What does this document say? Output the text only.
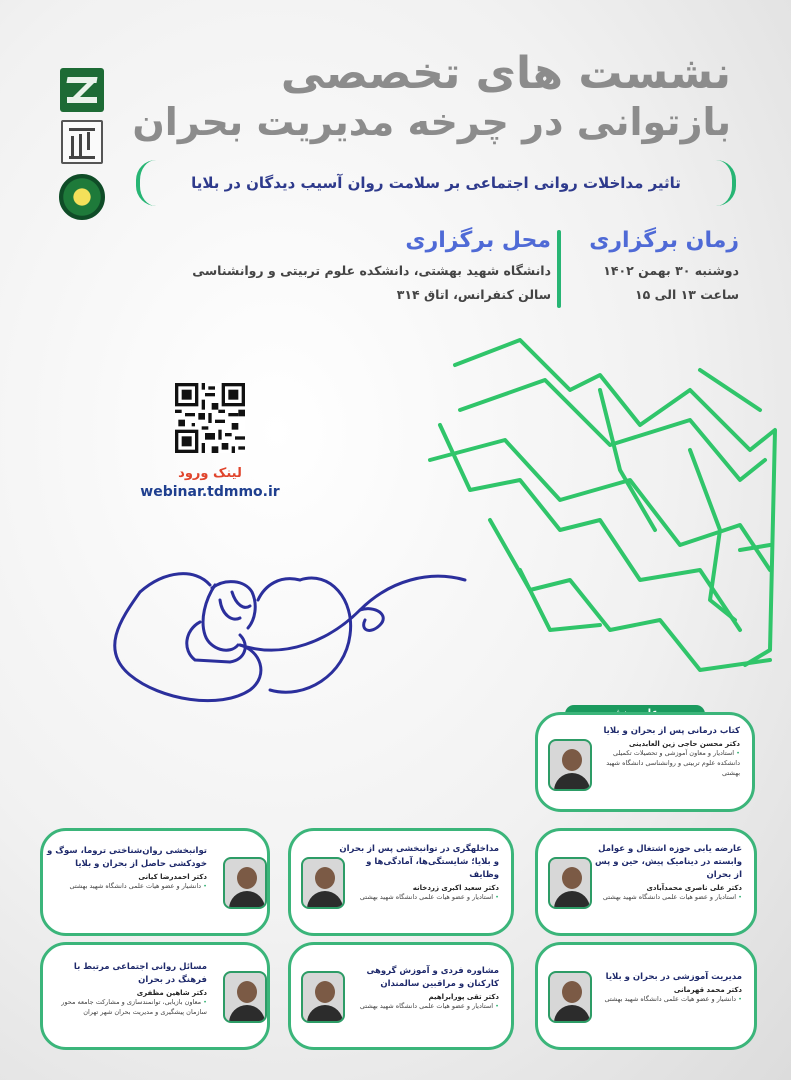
نشست های تخصصی
بازتوانی در چرخه مدیریت بحران
تاثیر مداخلات روانی اجتماعی بر سلامت روان آسیب دیدگان در بلایا
زمان برگزاری
دوشنبه ۳۰ بهمن ۱۴۰۲
ساعت ۱۳ الی ۱۵
محل برگزاری
دانشگاه شهید بهشتی، دانشکده علوم تربیتی و روانشناسی
سالن کنفرانس، اتاق ۳۱۴
لینک ورود
webinar.tdmmo.ir
کتاب درمانی پس از بحران و بلایا
دکتر محسن حاجی زین العابدینی
• استادیار و معاون آموزشی و تحصیلات تکمیلی دانشکده علوم تربیتی و روانشناسی دانشگاه شهید بهشتی
عارضه یابی حوزه اشتغال و عوامل وابسته در دینامیک پیش، حین و پس از بحران
دکتر علی ناصری محمدآبادی
• استادیار و عضو هیات علمی دانشگاه شهید بهشتی
مداخلهگری در توانبخشی پس از بحران و بلایا؛ شایستگی‌ها، آمادگی‌ها و وظایف
دکتر سعید اکبری زردخانه
• استادیار و عضو هیات علمی دانشگاه شهید بهشتی
توانبخشی روان‌شناختی تروما، سوگ و خودکشی حاصل از بحران و بلایا
دکتر احمدرضا کیانی
• دانشیار و عضو هیات علمی دانشگاه شهید بهشتی
مدیریت آموزشی در بحران و بلایا
دکتر محمد قهرمانی
• دانشیار و عضو هیات علمی دانشگاه شهید بهشتی
مشاوره فردی و آموزش گروهی کارکنان و مراقبین سالمندان
دکتر تقی پورابراهیم
• استادیار و عضو هیات علمی دانشگاه شهید بهشتی
مسائل روانی اجتماعی مرتبط با فرهنگ در بحران
دکتر شاهین مظفری
• معاون بازیابی، توانمندسازی و مشارکت جامعه محور سازمان پیشگیری و مدیریت بحران شهر تهران
